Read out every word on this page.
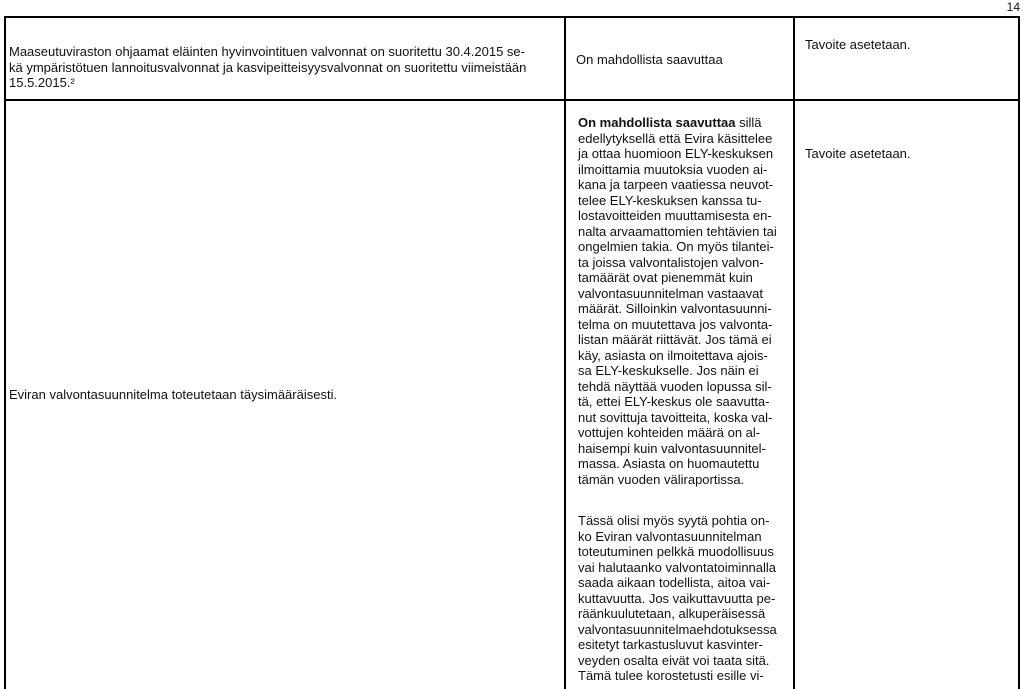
14
Maaseutuviraston ohjaamat eläinten hyvinvointituen valvonnat on suoritettu 30.4.2015 se-
kä ympäristötuen lannoitusvalvonnat ja kasvipeitteisyysvalvonnat on suoritettu viimeistään
15.5.2015.²
On mahdollista saavuttaa
Tavoite asetetaan.
Eviran valvontasuunnitelma toteutetaan täysimääräisesti.
On mahdollista saavuttaa sillä
edellytyksellä että Evira käsittelee
ja ottaa huomioon ELY-keskuksen
ilmoittamia muutoksia vuoden ai-
kana ja tarpeen vaatiessa neuvot-
telee ELY-keskuksen kanssa tu-
lostavoitteiden muuttamisesta en-
nalta arvaamattomien tehtävien tai
ongelmien takia. On myös tilantei-
ta joissa valvontalistojen valvon-
tamäärät ovat pienemmät kuin
valvontasuunnitelman vastaavat
määrät. Silloinkin valvontasuunni-
telma on muutettava jos valvonta-
listan määrät riittävät. Jos tämä ei
käy, asiasta on ilmoitettava ajois-
sa ELY-keskukselle. Jos näin ei
tehdä näyttää vuoden lopussa sil-
tä, ettei ELY-keskus ole saavutta-
nut sovittuja tavoitteita, koska val-
vottujen kohteiden määrä on al-
haisempi kuin valvontasuunnitel-
massa. Asiasta on huomautettu
tämän vuoden väliraportissa.
Tässä olisi myös syytä pohtia on-
ko Eviran valvontasuunnitelman
toteutuminen pelkkä muodollisuus
vai halutaanko valvontatoiminnalla
saada aikaan todellista, aitoa vai-
kuttavuutta. Jos vaikuttavuutta pe-
räänkuulutetaan, alkuperäisessä
valvontasuunnitelmaehdotuksessa
esitetyt tarkastusluvut kasvinter-
veyden osalta eivät voi taata sitä.
Tämä tulee korostetusti esille vi-
Tavoite asetetaan.
